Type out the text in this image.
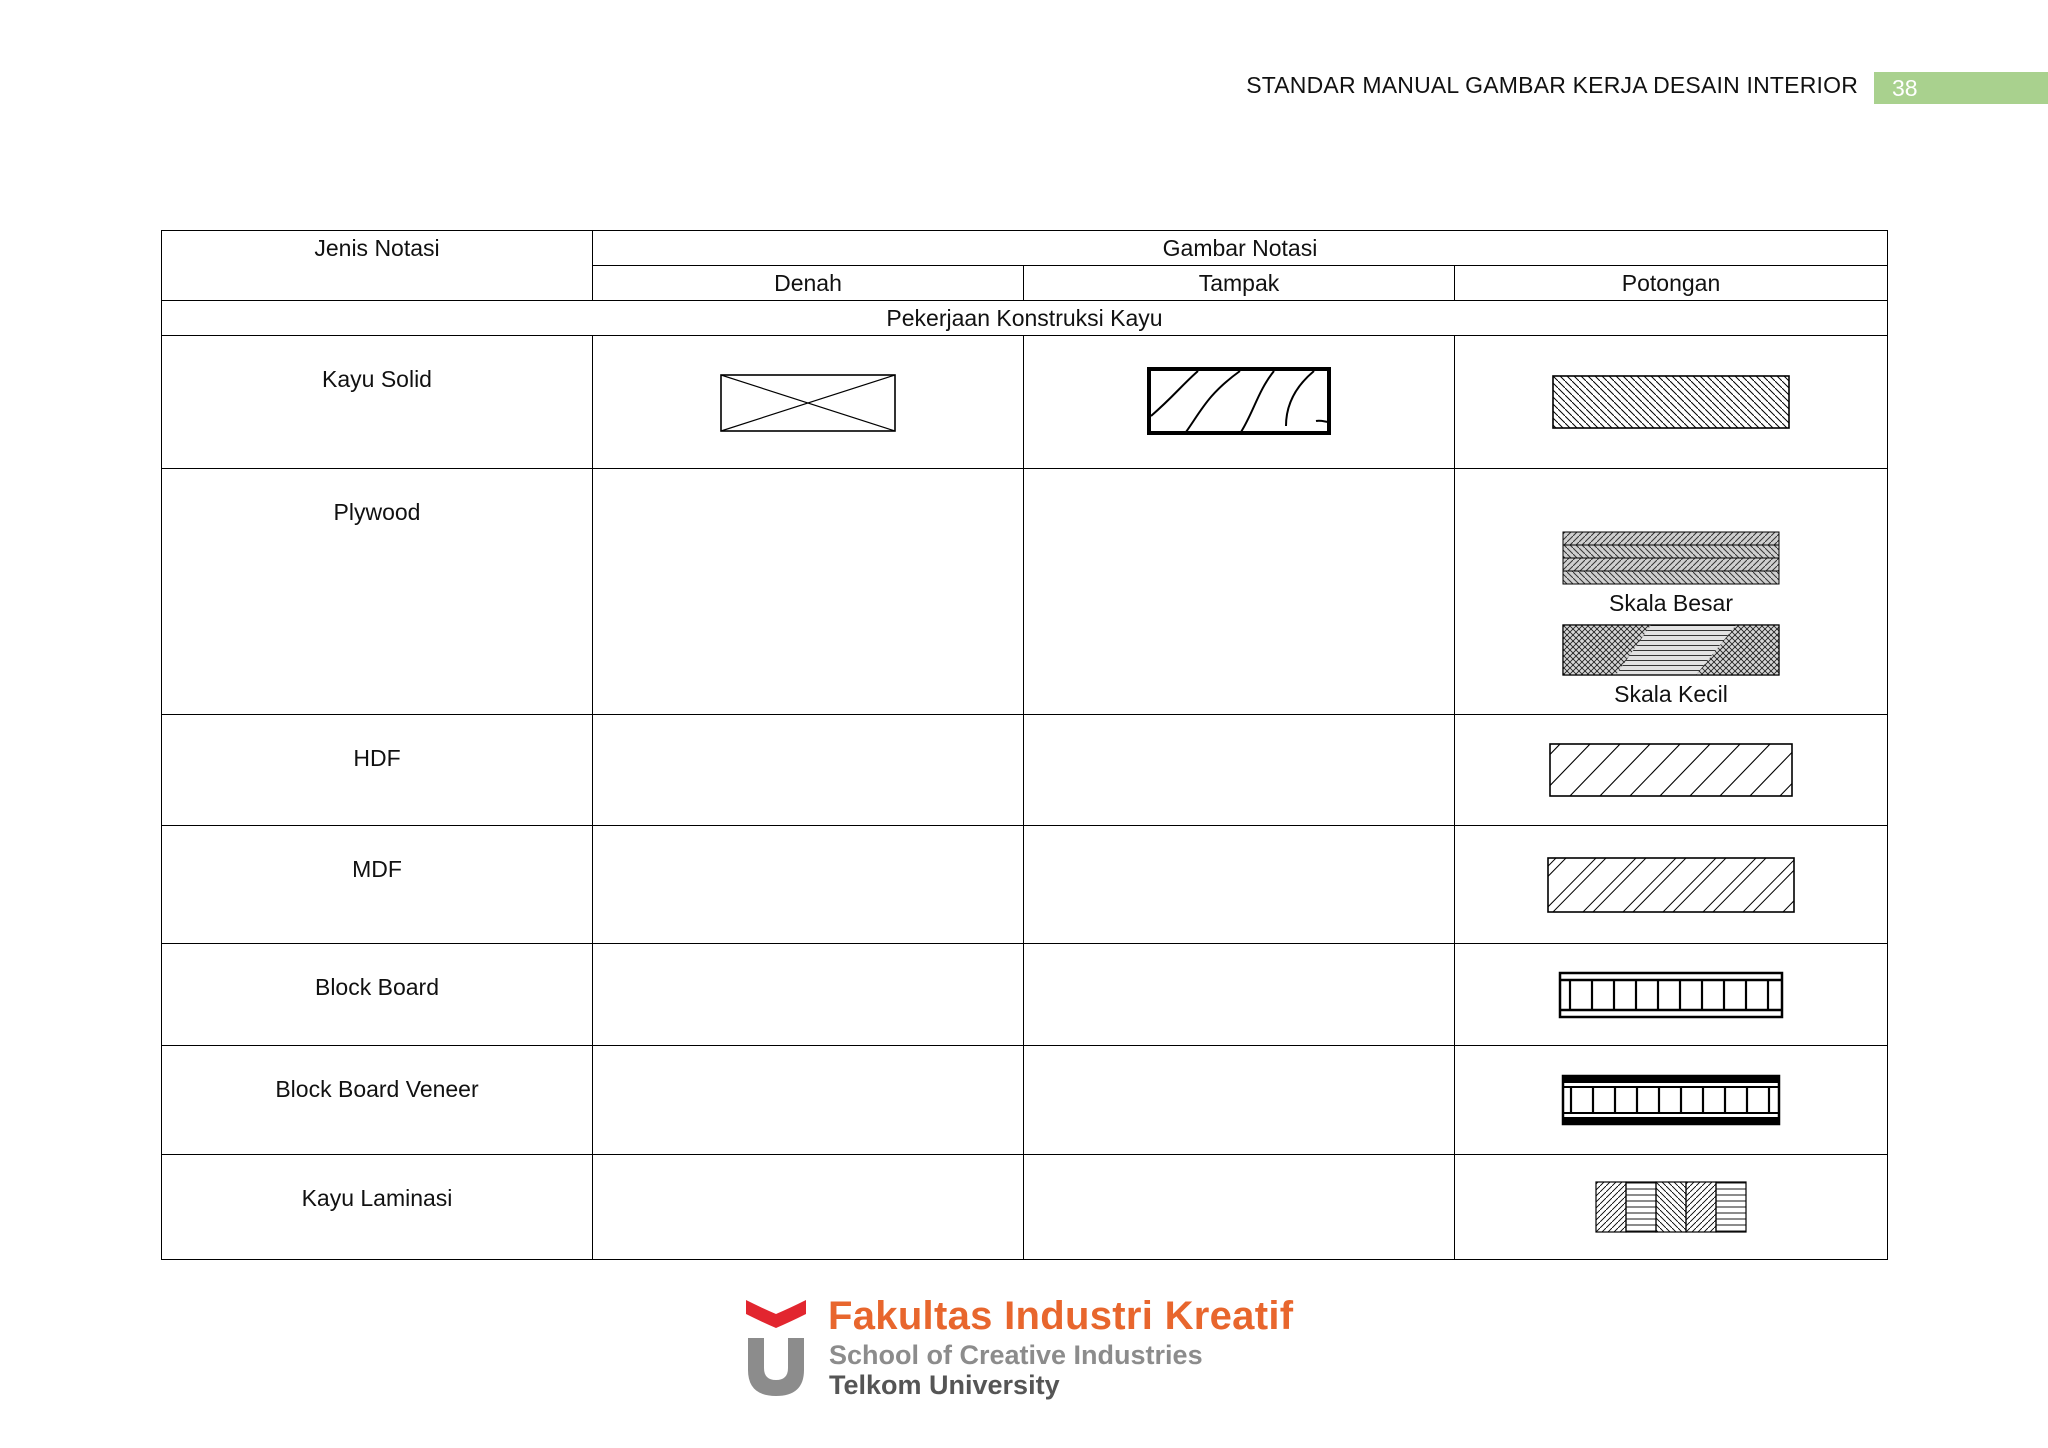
STANDAR MANUAL GAMBAR KERJA DESAIN INTERIOR	38
Jenis Notasi	Gambar Notasi		
	Denah	Tampak	Potongan
Pekerjaan Konstruksi Kayu			
Kayu Solid	

Plywood			Skala Besar
Skala Kecil

HDF			

MDF			

Block Board			

Block Board Veneer			

Kayu Laminasi			
Fakultas Industri Kreatif
School of Creative Industries
Telkom University
